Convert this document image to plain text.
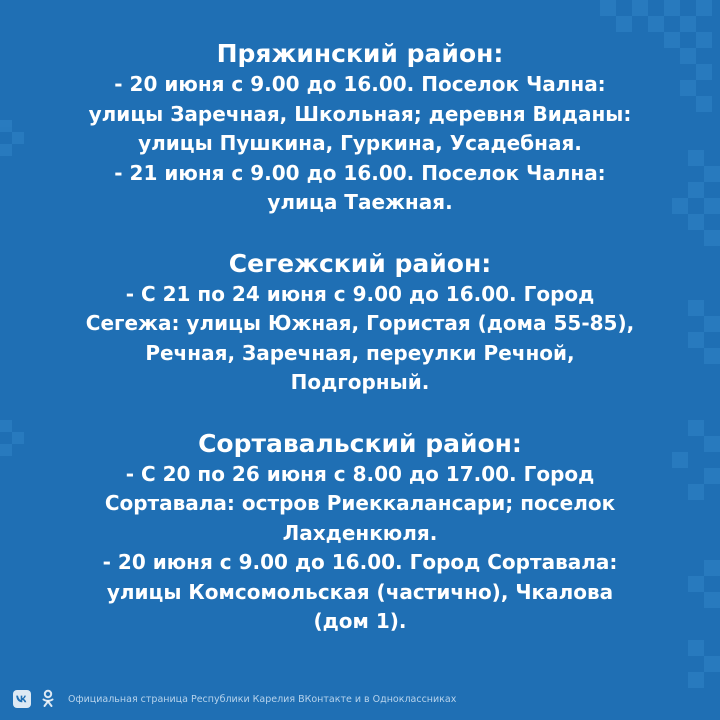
Пряжинский район:
- 20 июня с 9.00 до 16.00. Поселок Чална:
улицы Заречная, Школьная; деревня Виданы:
улицы Пушкина, Гуркина, Усадебная.
- 21 июня с 9.00 до 16.00. Поселок Чална:
улица Таежная.
Сегежский район:
- С 21 по 24 июня с 9.00 до 16.00. Город
Сегежа: улицы Южная, Гористая (дома 55-85),
Речная, Заречная, переулки Речной,
Подгорный.
Сортавальский район:
- С 20 по 26 июня с 8.00 до 17.00. Город
Сортавала: остров Риеккалансари; поселок
Лахденкюля.
- 20 июня с 9.00 до 16.00. Город Сортавала:
улицы Комсомольская (частично), Чкалова
(дом 1).
Официальная страница Республики Карелия ВКонтакте и в Одноклассниках
